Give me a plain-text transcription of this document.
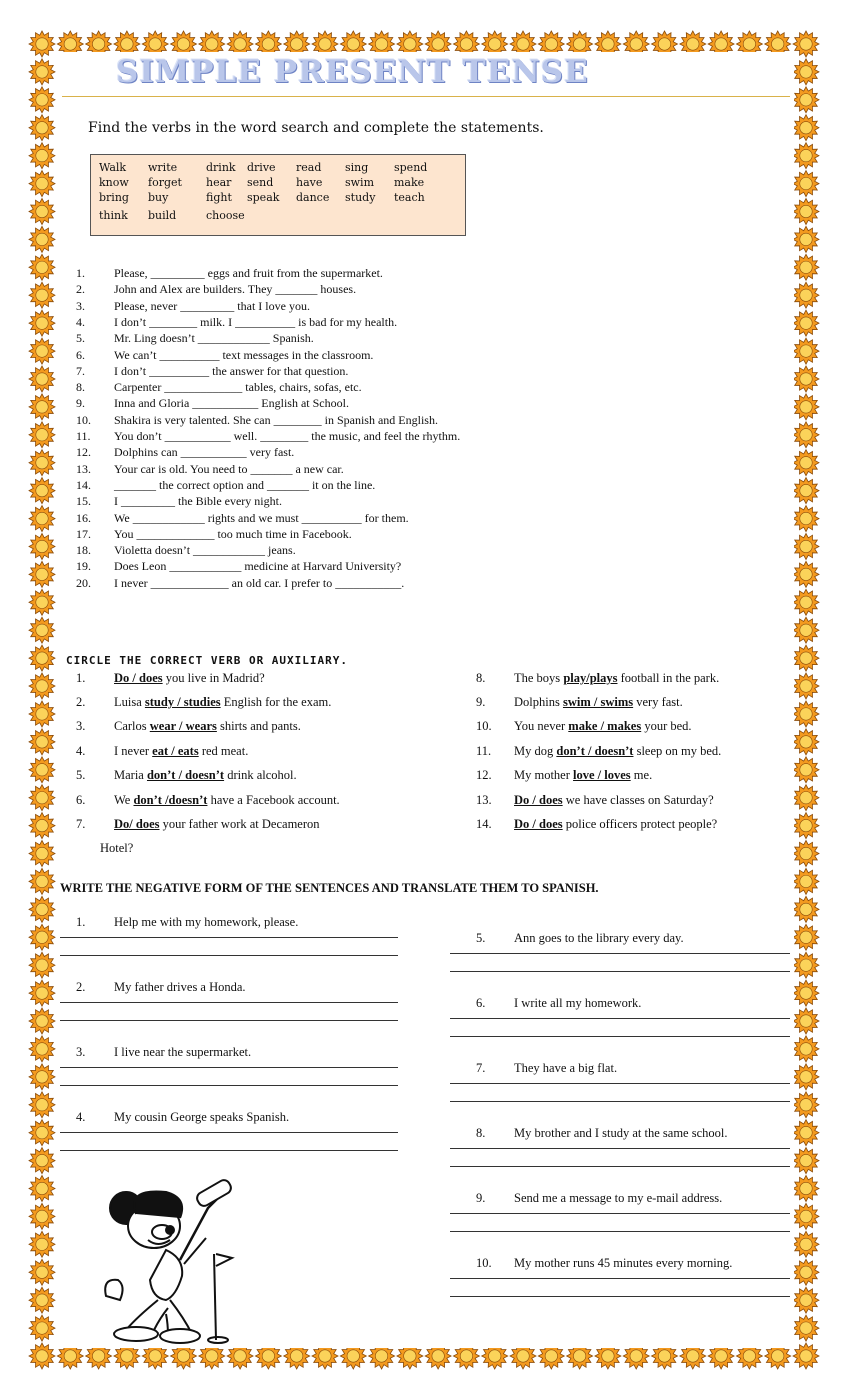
SIMPLE PRESENT TENSE
Find the verbs in the word search and complete the statements.
Walk write	drink drive read sing spend
know forget hear send have swim make
bring buy	fight speak dance study teach
think build	choose
1. Please, _________ eggs and fruit from the supermarket.
2. John and Alex are builders. They _______ houses.
3. Please, never _________ that I love you.
4. I don’t ________ milk. I __________ is bad for my health.
5. Mr. Ling doesn’t ____________ Spanish.
6. We can’t __________ text messages in the classroom.
7. I don’t __________ the answer for that question.
8. Carpenter _____________ tables, chairs, sofas, etc.
9. Inna and Gloria ___________ English at School.
10. Shakira is very talented. She can ________ in Spanish and English.
11. You don’t ___________ well. ________ the music, and feel the rhythm.
12. Dolphins can ___________ very fast.
13. Your car is old. You need to _______ a new car.
14. _______ the correct option and _______ it on the line.
15. I _________ the Bible every night.
16. We ____________ rights and we must __________ for them.
17. You _____________ too much time in Facebook.
18. Violetta doesn’t ____________ jeans.
19. Does Leon ____________ medicine at Harvard University?
20. I never _____________ an old car. I prefer to ___________.
CIRCLE THE CORRECT VERB OR AUXILIARY.
1. Do / does you live in Madrid?
2. Luisa study / studies English for the exam.
3. Carlos wear / wears shirts and pants.
4. I never eat / eats red meat.
5. Maria don’t / doesn’t drink alcohol.
6. We don’t /doesn’t have a Facebook account.
7. Do/ does your father work at Decameron
8. The boys play/plays football in the park.
9. Dolphins swim / swims very fast.
10. You never make / makes your bed.
11. My dog don’t / doesn’t sleep on my bed.
12. My mother love / loves me.
13. Do / does we have classes on Saturday?
14. Do / does police officers protect people?
Hotel?
WRITE THE NEGATIVE FORM OF THE SENTENCES AND TRANSLATE THEM TO SPANISH.
1. Help me with my homework, please.
2. My father drives a Honda.
3. I live near the supermarket.
4. My cousin George speaks Spanish.
5. Ann goes to the library every day.
6. I write all my homework.
7. They have a big flat.
8. My brother and I study at the same school.
9. Send me a message to my e-mail address.
10. My mother runs 45 minutes every morning.
